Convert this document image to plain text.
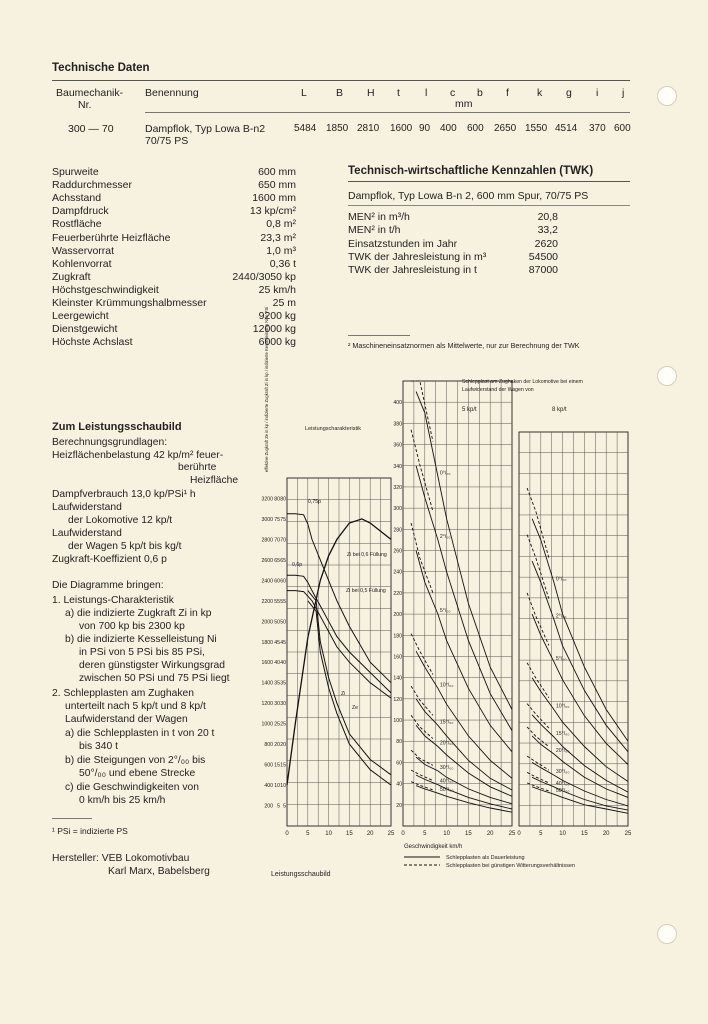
Technische Daten
Baumechanik-
Nr.
Benennung	L	B H t l c b f	k g i j
mm
300 — 70	Dampflok, Typ Lowa B-n2
70/75 PS
5484 1850 2810 1600 90 400 600 2650 1550 4514 370 600
Spurweite	600 mm
Raddurchmesser	650 mm
Achsstand	1600 mm
Dampfdruck	13 kp/cm²
Rostfläche	0,8 m²
Feuerberührte Heizfläche	23,3 m²
Wasservorrat	1,0 m³
Kohlenvorrat	0,36 t
Zugkraft	2440/3050 kp
Höchstgeschwindigkeit	25 km/h
Kleinster Krümmungshalbmesser	25 m
Leergewicht	9200 kg
Dienstgewicht	12000 kg
Höchste Achslast	6000 kg
Technisch-wirtschaftliche Kennzahlen (TWK)
Dampflok, Typ Lowa B-n 2, 600 mm Spur, 70/75 PS
MEN² in m³/h	20,8
MEN² in t/h	33,2
Einsatzstunden im Jahr	2620
TWK der Jahresleistung in m³	54500
TWK der Jahresleistung in t	87000
² Maschineneinsatznormen als Mittelwerte, nur zur Berechnung der TWK
Zum Leistungsschaubild
Berechnungsgrundlagen:
Heizflächenbelastung 42 kp/m² feuer-
berührte
Heizfläche
Dampfverbrauch 13,0 kp/PSi¹ h
Laufwiderstand
der Lokomotive 12 kp/t
Laufwiderstand
der Wagen 5 kp/t bis kg/t
Zugkraft-Koeffizient 0,6 p
Die Diagramme bringen:
1. Leistungs-Charakteristik
a) die indizierte Zugkraft Zi in kp
von 700 kp bis 2300 kp
b) die indizierte Kesselleistung Ni
in PSi von 5 PSi bis 85 PSi,
deren günstigster Wirkungsgrad
zwischen 50 PSi und 75 PSi liegt
2. Schlepplasten am Zughaken
unterteilt nach 5 kp/t und 8 kp/t
Laufwiderstand der Wagen
a) die Schlepplasten in t von 20 t
bis 340 t
b) die Steigungen von 2°/₀₀ bis
50°/₀₀ und ebene Strecke
c) die Geschwindigkeiten von
0 km/h bis 25 km/h
¹ PSi = indizierte PS
Hersteller: VEB Lokomotivbau
Karl Marx, Babelsberg
0	5	10 15 20 25
200
400
600
800
1000
1200
1400
1600
1800
2000
2200
2400
2600
2800
3000
3200
5
10
15
20
25
30
35
40
45
50
55
60
65
70
75
80
5
10
15
20
25
30
35
40
45
50
55
60
65
70
75
80
Leistungscharakteristik
Leistungsschaubild
effektive Zugkraft Ze in kp / indizierte Zugkraft Zi in kp / indizierte Kesselleistung Ni in PSi
0,75p
0,6p
Zi bei 0,6 Füllung
Zi bei 0,5 Füllung
Zi
Ze
0°/₀₀
2°/₀₀
5°/₀₀
10°/₀₀
15°/₀₀
20°/₀₀
30°/₀₀
40°/₀₀
50°/₀₀
0	5	10	15	20	25
0°/₀₀
2°/₀₀
5°/₀₀
10°/₀₀
15°/₀₀
20°/₀₀
30°/₀₀
40°/₀₀
50°/₀₀
0	5	10	15	20	25
20
40
60
80
100
120
140
160
180
200
220
240
260
280
300
320
340
360
380
400
Schlepplast am Zughaken der Lokomotive bei einem
Laufwiderstand der Wagen von
5 kp/t	8 kp/t
Geschwindigkeit km/h
Schlepplasten als Dauerleistung
Schlepplasten bei günstigen Witterungsverhältnissen
